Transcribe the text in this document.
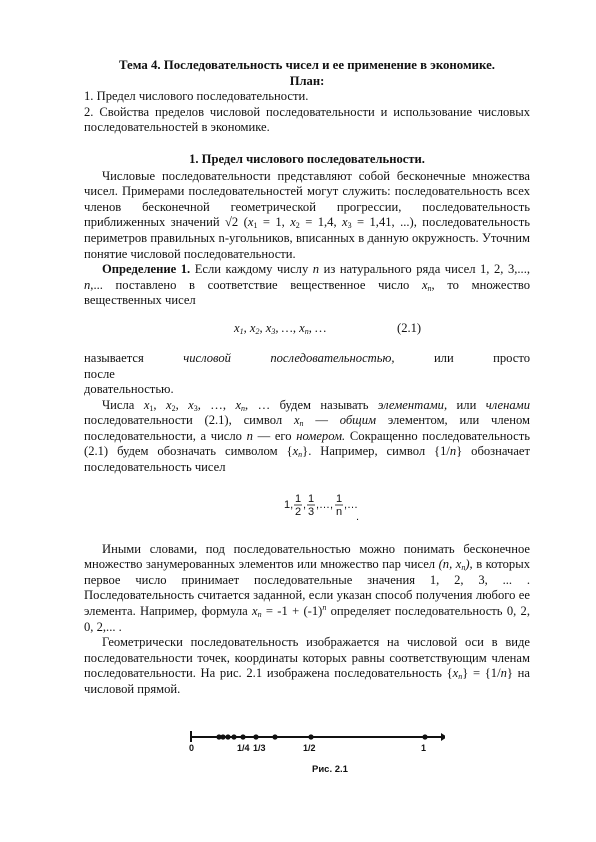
Тема 4. Последовательность чисел и ее применение в экономике.

План:

1. Предел числового последовательности.

2. Свойства пределов числовой последовательности и использование числовых последовательностей в экономике.

1. Предел числового последовательности.

Числовые последовательности представляют собой бесконечные множества чисел. Примерами последовательностей могут служить: последовательность всех членов бесконечной геометрической прогрессии, последовательность приближенных значений √2 ($x_1 = 1$, $x_2 = 1,4$, $x_3 = 1,41$, ...), последовательность периметров правильных n-угольников, вписанных в данную окружность. Уточним понятие числовой последовательности.

Определение 1. Если каждому числу n из натурального ряда чисел 1, 2, 3,..., n,... поставлено в соответствие вещественное число $x_n$, то множество вещественных чисел

$x_1$, $x_2$, $x_3$, …, $x_n$, …	(2.1)

называется числовой последовательностью, или просто после

довательностью.

Числа $x_1$, $x_2$, $x_3$, …, $x_n$, … будем называть элементами, или членами последовательности (2.1), символ $x_n$ — общим элементом, или членом последовательности, а число n — его номером. Сокращенно последовательность (2.1) будем обозначать символом $\{x_n\}$. Например, символ {1/n} обозначает последовательность чисел

1, 1
2
, 1
3
,…, 1
n
,…
.

Иными словами, под последовательностью можно понимать бесконечное множество занумерованных элементов или множество пар чисел (n, $x_n$), в которых первое число принимает последовательные значения 1, 2, 3, ... . Последовательность считается заданной, если указан способ получения любого ее элемента. Например, формула $x_n = -1 + (-1)^n$ определяет последовательность 0, 2, 0, 2,... .

Геометрически последовательность изображается на числовой оси в виде последовательности точек, координаты которых равны соответствующим членам последовательности. На рис. 2.1 изображена последовательность $\{x_n\} = \{1/n\}$ на числовой прямой.

0	1/4 1/3	1/2	1
Рис. 2.1
